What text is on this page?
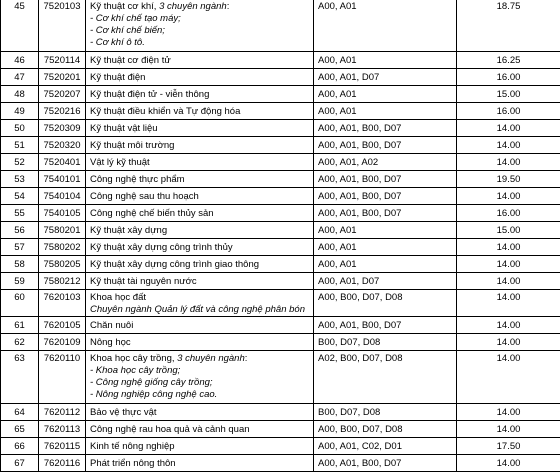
45	7520103	Kỹ thuật cơ khí, 3 chuyên ngành:
- Cơ khí chế tạo máy;
- Cơ khí chế biến;
- Cơ khí ô tô.	A00, A01	18.75
46	7520114	Kỹ thuật cơ điện tử	A00, A01	16.25
47	7520201	Kỹ thuật điện	A00, A01, D07	16.00
48	7520207	Kỹ thuật điện tử - viễn thông	A00, A01	15.00
49	7520216	Kỹ thuật điều khiển và Tự động hóa	A00, A01	16.00
50	7520309	Kỹ thuật vật liệu	A00, A01, B00, D07	14.00
51	7520320	Kỹ thuật môi trường	A00, A01, B00, D07	14.00
52	7520401	Vật lý kỹ thuật	A00, A01, A02	14.00
53	7540101	Công nghệ thực phẩm	A00, A01, B00, D07	19.50
54	7540104	Công nghệ sau thu hoạch	A00, A01, B00, D07	14.00
55	7540105	Công nghệ chế biến thủy sản	A00, A01, B00, D07	16.00
56	7580201	Kỹ thuật xây dựng	A00, A01	15.00
57	7580202	Kỹ thuật xây dựng công trình thủy	A00, A01	14.00
58	7580205	Kỹ thuật xây dựng công trình giao thông	A00, A01	14.00
59	7580212	Kỹ thuật tài nguyên nước	A00, A01, D07	14.00
60	7620103	Khoa học đất
Chuyên ngành Quản lý đất và công nghệ phân bón	A00, B00, D07, D08	14.00
61	7620105	Chăn nuôi	A00, A01, B00, D07	14.00
62	7620109	Nông học	B00, D07, D08	14.00
63	7620110	Khoa học cây trồng, 3 chuyên ngành:
- Khoa học cây trồng;
- Công nghệ giống cây trồng;
- Nông nghiệp công nghệ cao.	A02, B00, D07, D08	14.00
64	7620112	Bảo vệ thực vật	B00, D07, D08	14.00
65	7620113	Công nghệ rau hoa quả và cảnh quan	A00, B00, D07, D08	14.00
66	7620115	Kinh tế nông nghiệp	A00, A01, C02, D01	17.50
67	7620116	Phát triển nông thôn	A00, A01, B00, D07	14.00
